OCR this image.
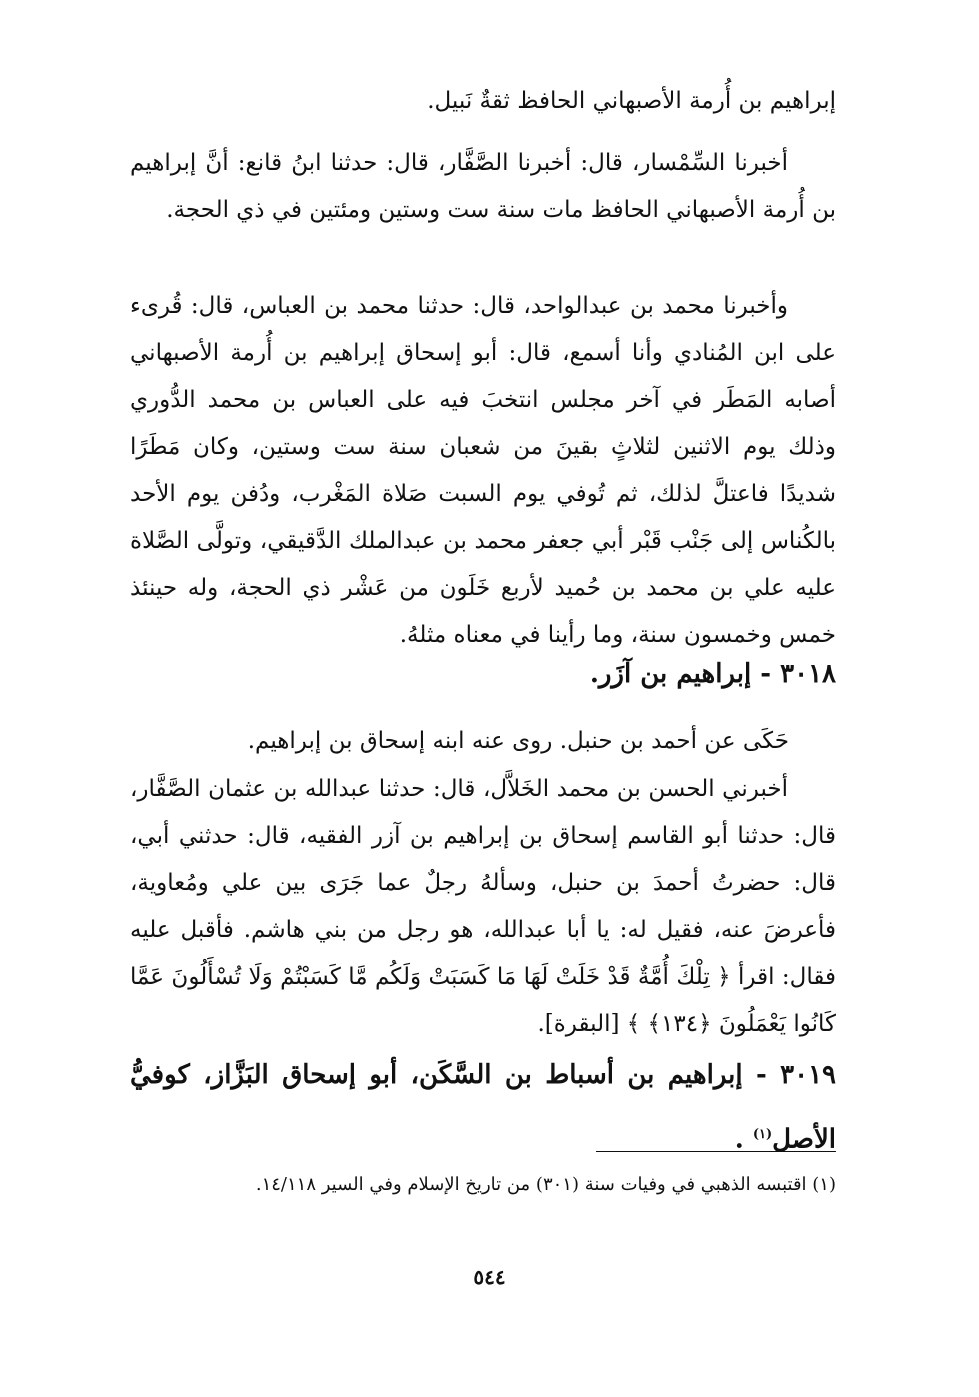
إبراهيم بن أُرمة الأصبهاني الحافظ ثقةٌ نَبيل.
أخبرنا السِّمْسار، قال: أخبرنا الصَّفَّار، قال: حدثنا ابنُ قانع: أنَّ إبراهيم بن أُرمة الأصبهاني الحافظ مات سنة ست وستين ومئتين في ذي الحجة.
وأخبرنا محمد بن عبدالواحد، قال: حدثنا محمد بن العباس، قال: قُرىء على ابن المُنادي وأنا أسمع، قال: أبو إسحاق إبراهيم بن أُرمة الأصبهاني أصابه المَطَر في آخر مجلس انتخبَ فيه على العباس بن محمد الدُّوري وذلك يوم الاثنين لثلاثٍ بقينَ من شعبان سنة ست وستين، وكان مَطَرًا شديدًا فاعتلَّ لذلك، ثم تُوفي يوم السبت صَلاة المَغْرب، ودُفن يوم الأحد بالكُناس إلى جَنْب قَبْر أبي جعفر محمد بن عبدالملك الدَّقيقي، وتولَّى الصَّلاة عليه علي بن محمد بن حُميد لأربع خَلَون من عَشْر ذي الحجة، وله حينئذ خمس وخمسون سنة، وما رأينا في معناه مثلهُ.
٣٠١٨ - إبراهيم بن آزَر.
حَكَى عن أحمد بن حنبل. روى عنه ابنه إسحاق بن إبراهيم.
أخبرني الحسن بن محمد الخَلاَّل، قال: حدثنا عبدالله بن عثمان الصَّفَّار، قال: حدثنا أبو القاسم إسحاق بن إبراهيم بن آزر الفقيه، قال: حدثني أبي، قال: حضرتُ أحمدَ بن حنبل، وسألهُ رجلٌ عما جَرَى بين علي ومُعاوية، فأعرضَ عنه، فقيل له: يا أبا عبدالله، هو رجل من بني هاشم. فأقبل عليه فقال: اقرأ ﴿ تِلْكَ أُمَّةٌ قَدْ خَلَتْ لَهَا مَا كَسَبَتْ وَلَكُم مَّا كَسَبْتُمْ وَلَا تُسْأَلُونَ عَمَّا كَانُوا يَعْمَلُونَ ﴿١٣٤﴾ ﴾ [البقرة].
٣٠١٩ - إبراهيم بن أسباط بن السَّكَن، أبو إسحاق البَزَّاز، كوفيُّ الأصل$^{(١)}$ .
(١) اقتبسه الذهبي في وفيات سنة (٣٠١) من تاريخ الإسلام وفي السير ١٤/١١٨.
٥٤٤
